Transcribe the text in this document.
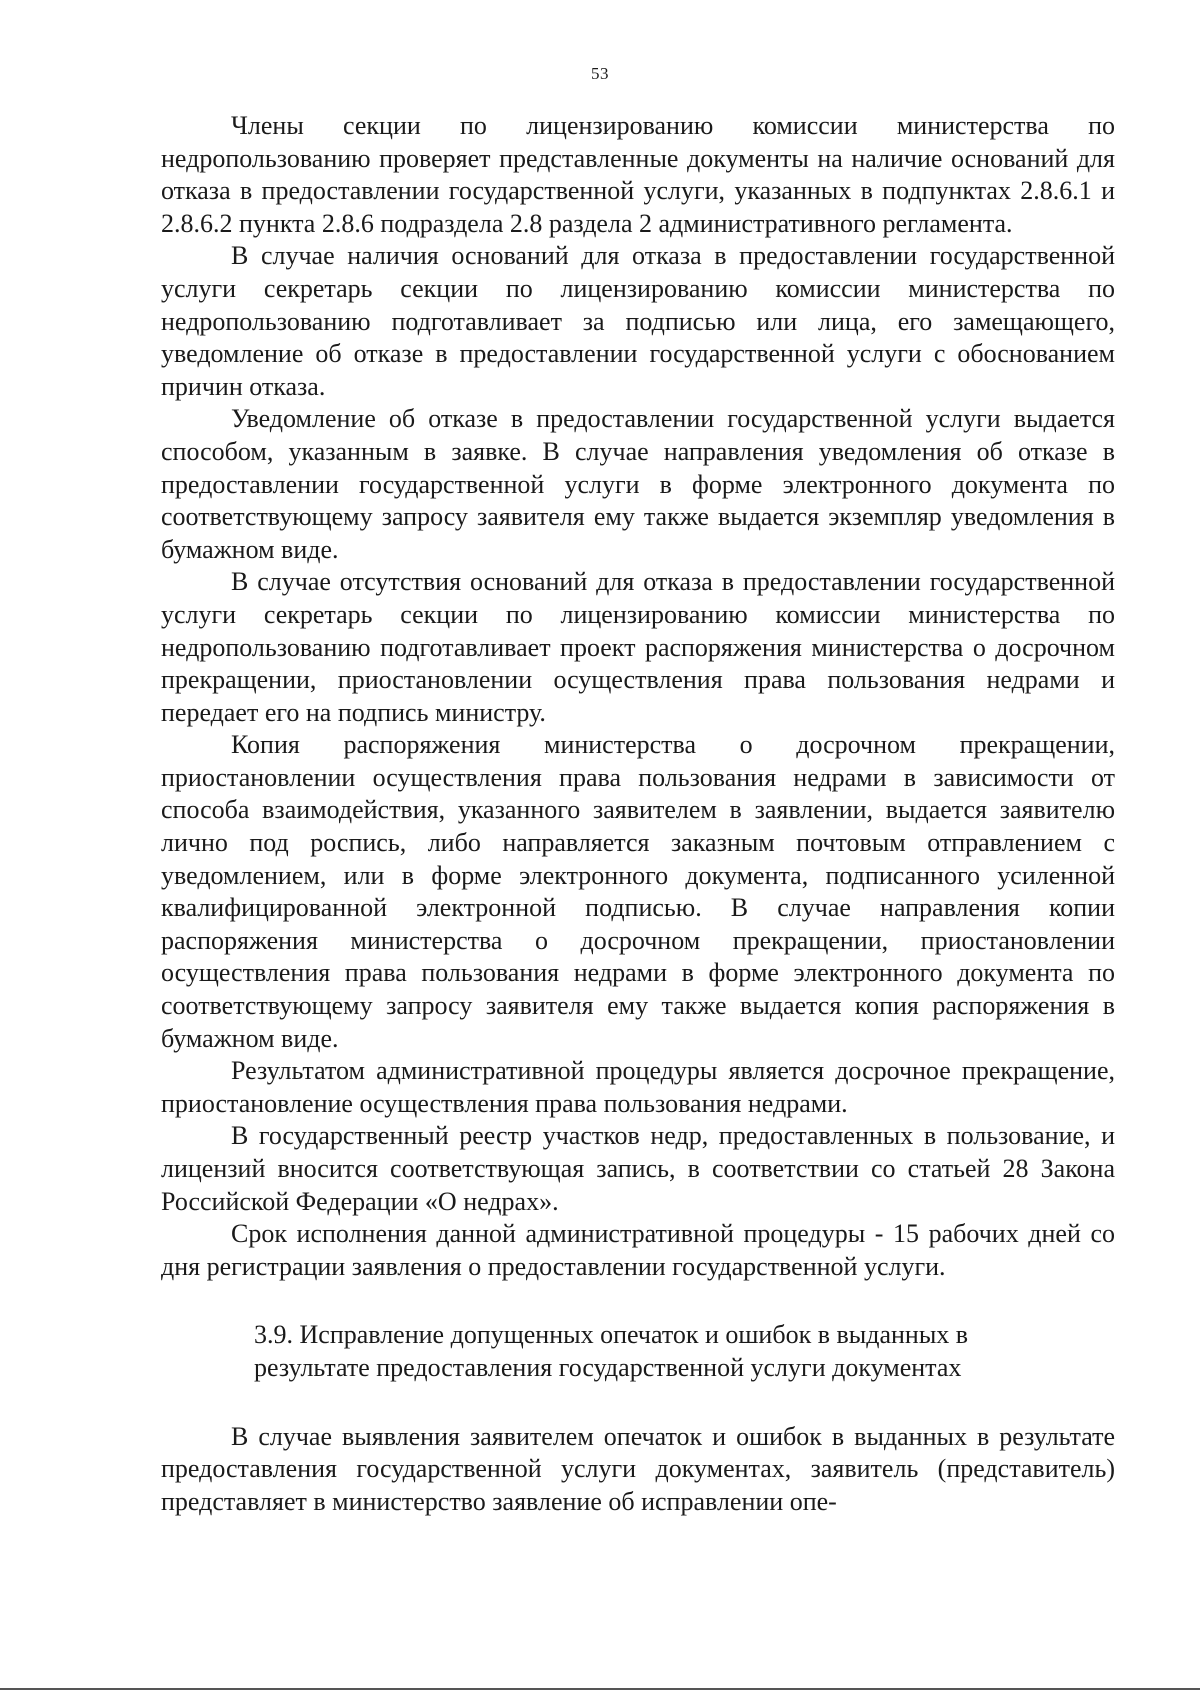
53

Члены секции по лицензированию комиссии министерства по недропользованию проверяет представленные документы на наличие оснований для отказа в предоставлении государственной услуги, указанных в подпунктах 2.8.6.1 и 2.8.6.2 пункта 2.8.6 подраздела 2.8 раздела 2 административного регламента.

В случае наличия оснований для отказа в предоставлении государственной услуги секретарь секции по лицензированию комиссии министерства по недропользованию подготавливает за подписью или лица, его замещающего, уведомление об отказе в предоставлении государственной услуги с обоснованием причин отказа.

Уведомление об отказе в предоставлении государственной услуги выдается способом, указанным в заявке. В случае направления уведомления об отказе в предоставлении государственной услуги в форме электронного документа по соответствующему запросу заявителя ему также выдается экземпляр уведомления в бумажном виде.

В случае отсутствия оснований для отказа в предоставлении государственной услуги секретарь секции по лицензированию комиссии министерства по недропользованию подготавливает проект распоряжения министерства о досрочном прекращении, приостановлении осуществления права пользования недрами и передает его на подпись министру.

Копия распоряжения министерства о досрочном прекращении, приостановлении осуществления права пользования недрами в зависимости от способа взаимодействия, указанного заявителем в заявлении, выдается заявителю лично под роспись, либо направляется заказным почтовым отправлением с уведомлением, или в форме электронного документа, подписанного усиленной квалифицированной электронной подписью. В случае направления копии распоряжения министерства о досрочном прекращении, приостановлении осуществления права пользования недрами в форме электронного документа по соответствующему запросу заявителя ему также выдается копия распоряжения в бумажном виде.

Результатом административной процедуры является досрочное прекращение, приостановление осуществления права пользования недрами.

В государственный реестр участков недр, предоставленных в пользование, и лицензий вносится соответствующая запись, в соответствии со статьей 28 Закона Российской Федерации «О недрах».

Срок исполнения данной административной процедуры - 15 рабочих дней со дня регистрации заявления о предоставлении государственной услуги.

3.9. Исправление допущенных опечаток и ошибок в выданных в результате предоставления государственной услуги документах

В случае выявления заявителем опечаток и ошибок в выданных в результате предоставления государственной услуги документах, заявитель (представитель) представляет в министерство заявление об исправлении опе-
